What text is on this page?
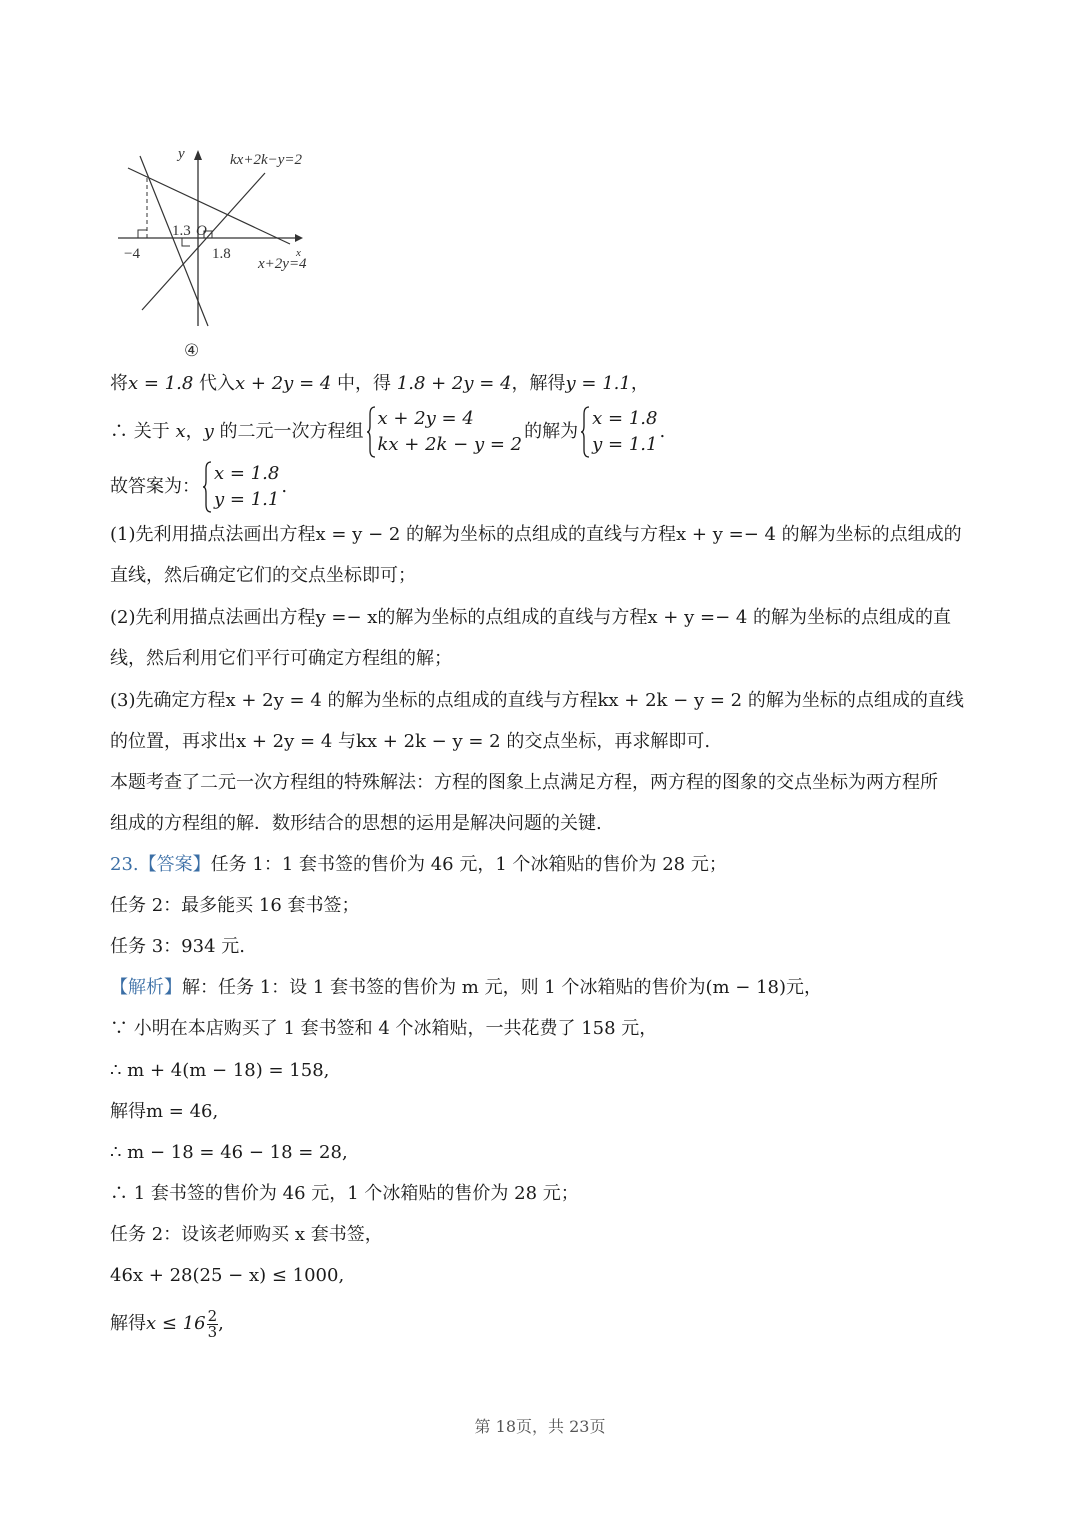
y	kx+2k−y=2
x
x+2y=4
O
1.3
−4	1.8
④
将x = 1.8 代入x + 2y = 4 中，得 1.8 + 2y = 4，解得y = 1.1，
∴ 关于 x，y 的二元一次方程组
x + 2y = 4
kx + 2k − y = 2
的解为
x = 1.8
y = 1.1
.
故答案为：
x = 1.8
y = 1.1
.
(1)先利用描点法画出方程x = y − 2 的解为坐标的点组成的直线与方程x + y =− 4 的解为坐标的点组成的
直线，然后确定它们的交点坐标即可；
(2)先利用描点法画出方程y =− x的解为坐标的点组成的直线与方程x + y =− 4 的解为坐标的点组成的直
线，然后利用它们平行可确定方程组的解；
(3)先确定方程x + 2y = 4 的解为坐标的点组成的直线与方程kx + 2k − y = 2 的解为坐标的点组成的直线
的位置，再求出x + 2y = 4 与kx + 2k − y = 2 的交点坐标，再求解即可.
本题考查了二元一次方程组的特殊解法：方程的图象上点满足方程，两方程的图象的交点坐标为两方程所
组成的方程组的解．数形结合的思想的运用是解决问题的关键.
23.【答案】任务 1：1 套书签的售价为 46 元，1 个冰箱贴的售价为 28 元；
任务 2：最多能买 16 套书签；
任务 3：934 元.
【解析】解：任务 1：设 1 套书签的售价为 m 元，则 1 个冰箱贴的售价为(m − 18)元，
∵ 小明在本店购买了 1 套书签和 4 个冰箱贴，一共花费了 158 元，
∴ m + 4(m − 18) = 158,
解得m = 46,
∴ m − 18 = 46 − 18 = 28,
∴ 1 套书签的售价为 46 元，1 个冰箱贴的售价为 28 元；
任务 2：设该老师购买 x 套书签，
46x + 28(25 − x) ≤ 1000,
解得$x \le 16 \frac{2}{3}$ ,
第 18页，共 23页
